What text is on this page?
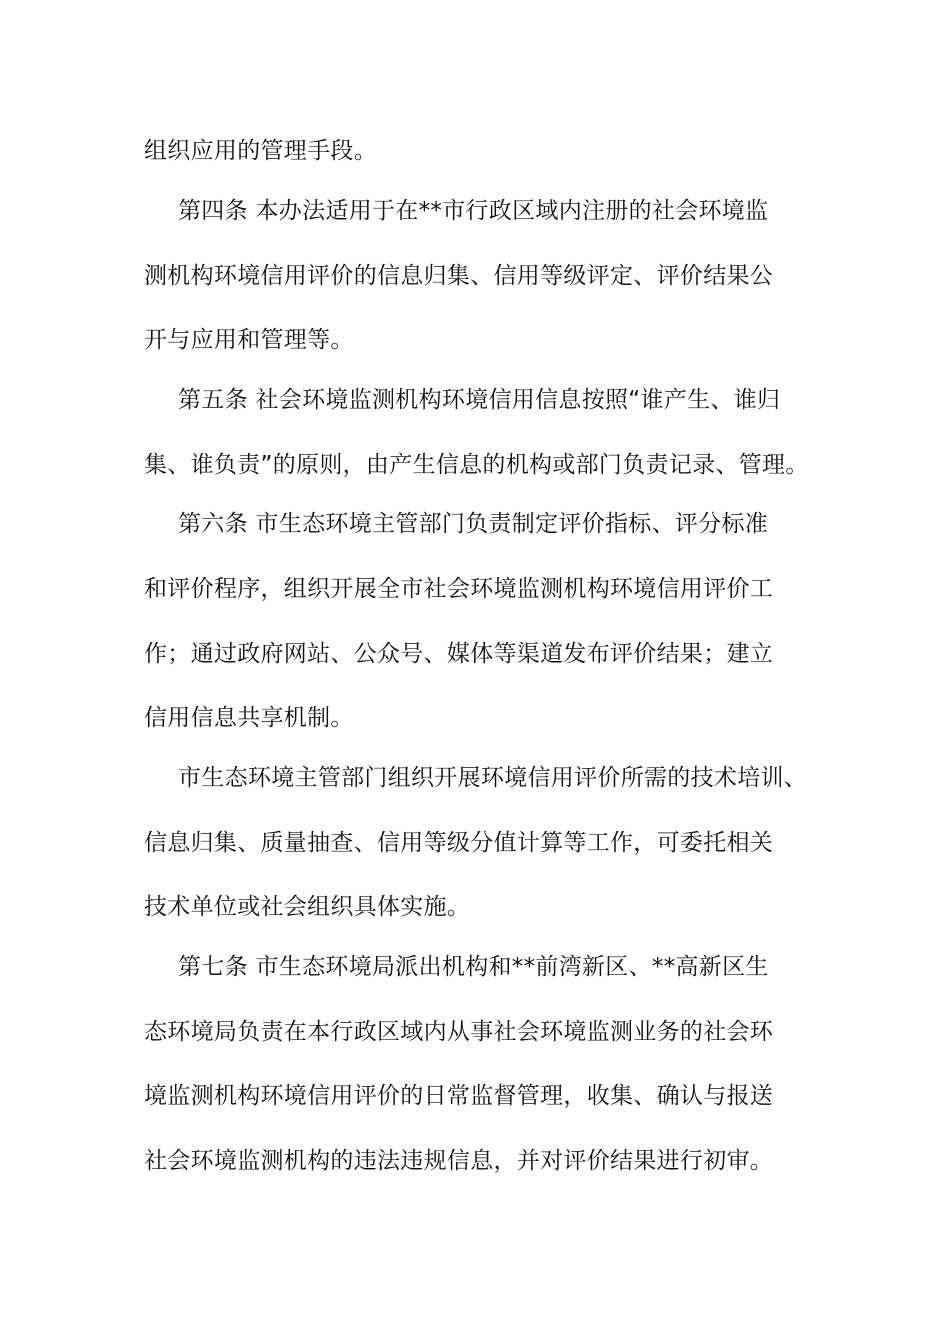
组织应用的管理手段。
第四条 本办法适用于在**市行政区域内注册的社会环境监
测机构环境信用评价的信息归集、信用等级评定、评价结果公
开与应用和管理等。
第五条 社会环境监测机构环境信用信息按照“谁产生、谁归
集、谁负责”的原则，由产生信息的机构或部门负责记录、管理。
第六条 市生态环境主管部门负责制定评价指标、评分标准
和评价程序，组织开展全市社会环境监测机构环境信用评价工
作；通过政府网站、公众号、媒体等渠道发布评价结果；建立
信用信息共享机制。
市生态环境主管部门组织开展环境信用评价所需的技术培训、
信息归集、质量抽查、信用等级分值计算等工作，可委托相关
技术单位或社会组织具体实施。
第七条 市生态环境局派出机构和**前湾新区、**高新区生
态环境局负责在本行政区域内从事社会环境监测业务的社会环
境监测机构环境信用评价的日常监督管理，收集、确认与报送
社会环境监测机构的违法违规信息，并对评价结果进行初审。
